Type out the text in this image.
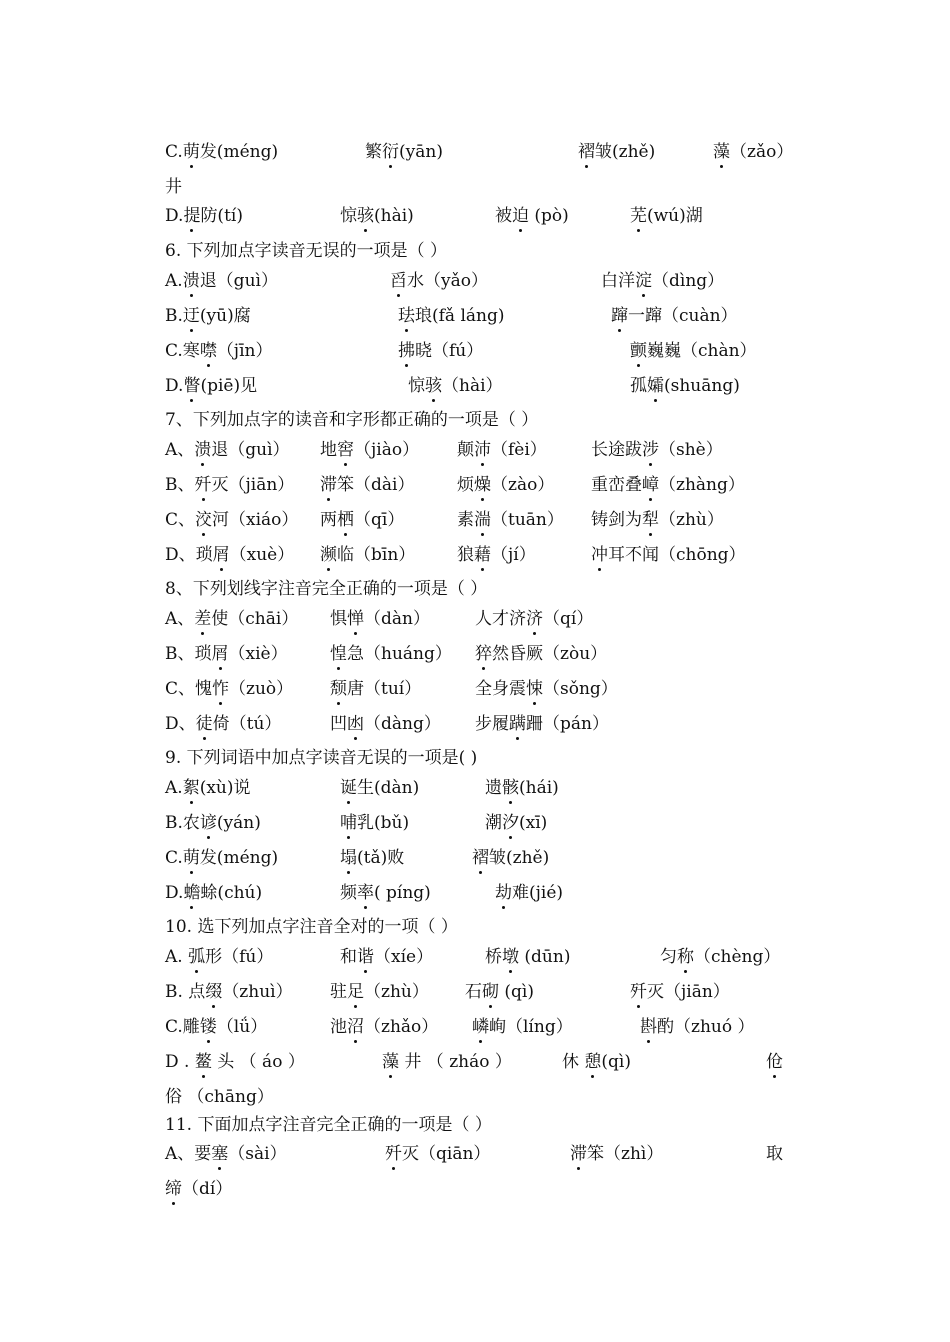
C.萌发(méng)	繁衍(yān)	褶皱(zhě)	藻（zǎo）
井
D.提防(tí)	惊骇(hài)	被迫 (pò)	芜(wú)湖
6. 下列加点字读音无误的一项是（ ）
A.溃退（guì）	舀水（yǎo）	白洋淀（dìng）
B.迂(yū)腐	珐琅(fǎ láng)	蹿一蹿（cuàn）
C.寒噤（jīn）	拂晓（fú）	颤巍巍（chàn）
D.瞥(piē)见	惊骇（hài）	孤孀(shuāng)
7、下列加点字的读音和字形都正确的一项是（ ）
A、溃退（guì） 地窖（jiào） 颠沛（fèi）	长途跋涉（shè）
B、歼灭（jiān） 滞笨（dài）	烦燥（zào） 重峦叠嶂（zhàng）
C、洨河（xiáo） 两栖（qī）	素湍（tuān） 铸剑为犁（zhù）
D、琐屑（xuè） 濒临（bīn） 狼藉（jí）	冲耳不闻（chōng）
8、下列划线字注音完全正确的一项是（ ）
A、差使（chāi） 惧惮（dàn）	人才济济（qí）
B、琐屑（xiè） 惶急（huáng） 猝然昏厥（zòu）
C、愧怍（zuò） 颓唐（tuí）	全身震悚（sǒng）
D、徒倚（tú）	凹凼（dàng） 步履蹒跚（pán）
9. 下列词语中加点字读音无误的一项是( )
A.絮(xù)说	诞生(dàn)	遗骸(hái)
B.农谚(yán)	哺乳(bǔ)	潮汐(xī)
C.萌发(méng)	塌(tǎ)败	褶皱(zhě)
D.蟾蜍(chú)	频率( píng)	劫难(jié)
10. 选下列加点字注音全对的一项（ ）
A. 弧形（fú）	和谐（xíe）	桥墩 (dūn)	匀称（chèng）
B. 点缀（zhuì） 驻足（zhù） 石砌 (qì)	歼灭（jiān）
C.雕镂（lǘ）	池沼（zhǎo） 嶙峋（líng）	斟酌（zhuó ）
D . 鳌 头 （ áo ）	藻 井 （ zháo ）	休 憩(qì)	伧
俗 （chāng）
11. 下面加点字注音完全正确的一项是（ ）
A、要塞（sài）	歼灭（qiān）	滞笨（zhì）	取
缔（dí）
